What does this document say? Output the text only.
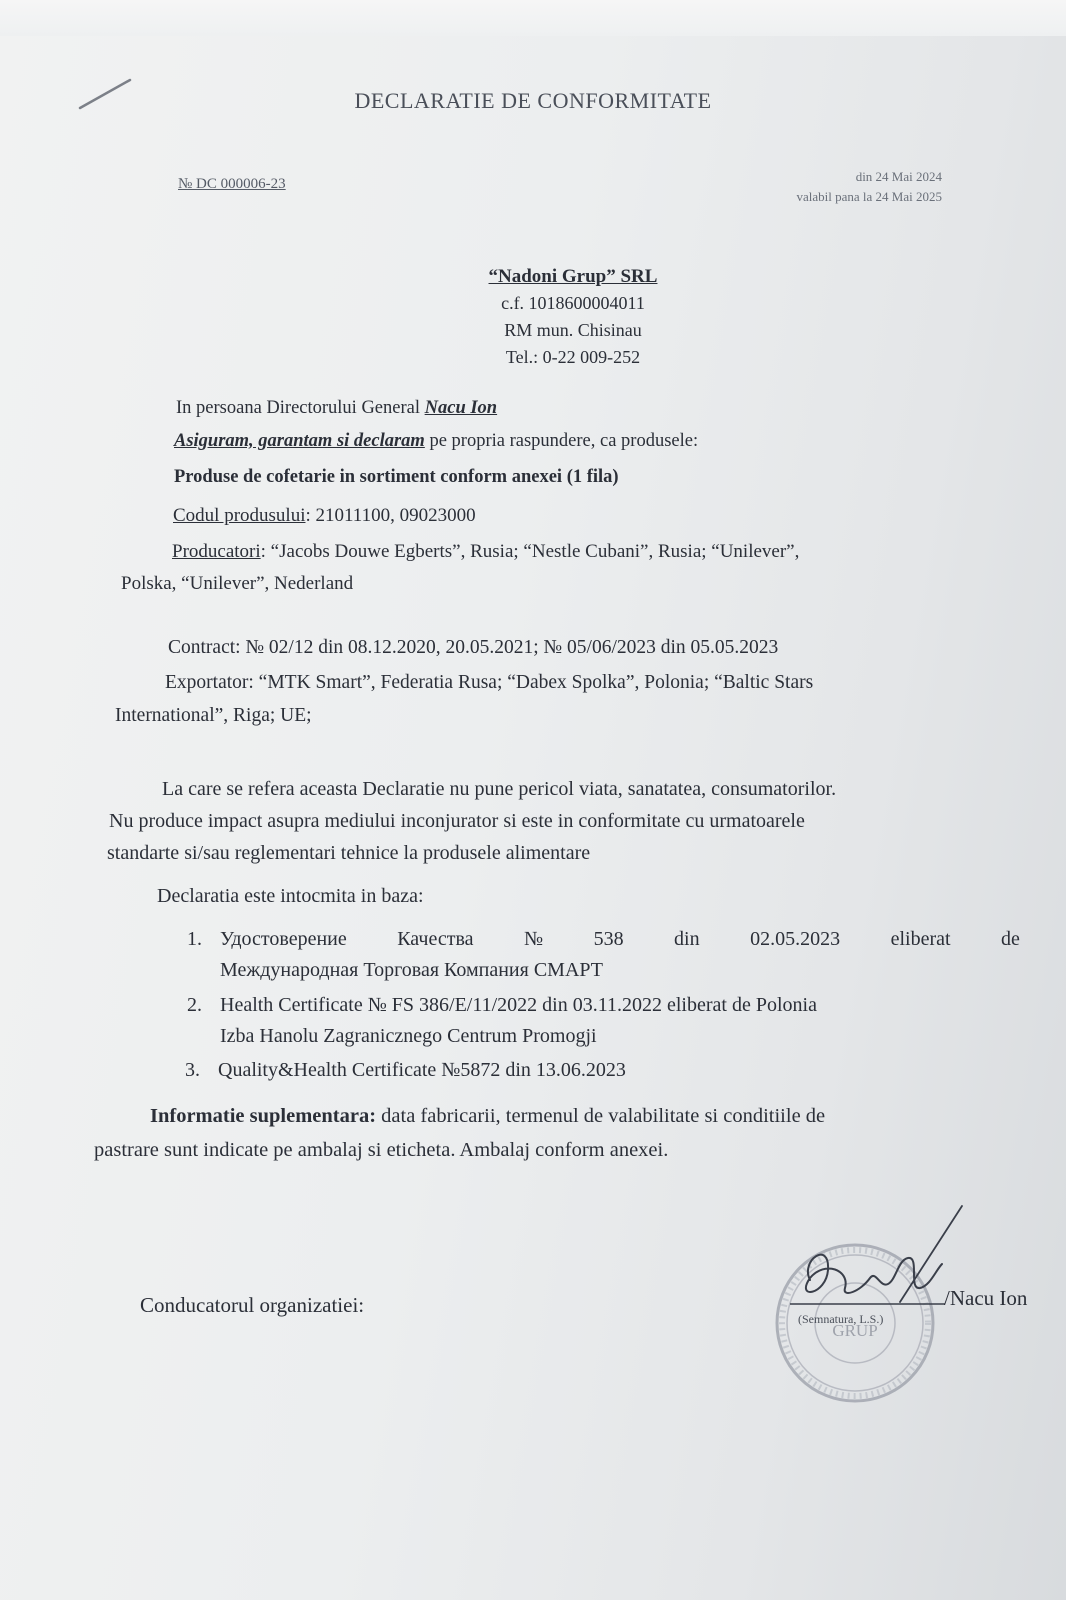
DECLARATIE DE CONFORMITATE
№ DC 000006-23	din 24 Mai 2024
valabil pana la 24 Mai 2025
“Nadoni Grup” SRL
c.f. 1018600004011
RM mun. Chisinau
Tel.: 0-22 009-252
In persoana Directorului General Nacu Ion
Asiguram, garantam si declaram pe propria raspundere, ca produsele:
Produse de cofetarie in sortiment conform anexei (1 fila)
Codul produsului: 21011100, 09023000
Producatori: “Jacobs Douwe Egberts”, Rusia; “Nestle Cubani”, Rusia; “Unilever”,
Polska, “Unilever”, Nederland
Contract: № 02/12 din 08.12.2020, 20.05.2021; № 05/06/2023 din 05.05.2023
Exportator: “MTK Smart”, Federatia Rusa; “Dabex Spolka”, Polonia; “Baltic Stars
International”, Riga; UE;
La care se refera aceasta Declaratie nu pune pericol viata, sanatatea, consumatorilor.
Nu produce impact asupra mediului inconjurator si este in conformitate cu urmatoarele
standarte si/sau reglementari tehnice la produsele alimentare
Declaratia este intocmita in baza:
1. Удостоверение	Качества	№	538	din	02.05.2023	eliberat	de
Международная Торговая Компания СМАРТ
2. Health Certificate № FS 386/E/11/2022 din 03.11.2022 eliberat de Polonia
Izba Hanolu Zagranicznego Centrum Promogji
3. Quality&Health Certificate №5872 din 13.06.2023
Informatie suplementara: data fabricarii, termenul de valabilitate si conditiile de
pastrare sunt indicate pe ambalaj si eticheta. Ambalaj conform anexei.
Conducatorul organizatiei:
GRUP
(Semnatura, L.S.)
/Nacu Ion
